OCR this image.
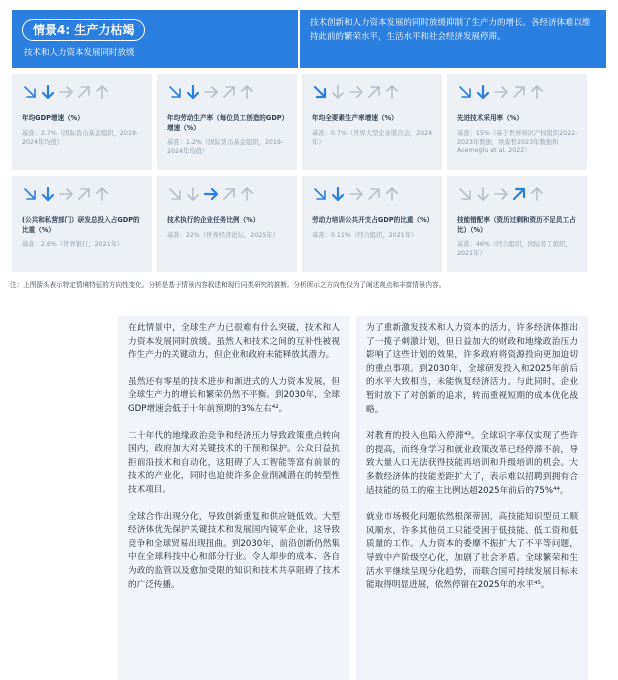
情景4: 生产力枯竭
技术和人力资本发展同时放缓
技术创新和人力资本发展的同时放缓抑制了生产力的增长。各经济体难以维持此前的繁荣水平，生活水平和社会经济发展停滞。
年均GDP增速（%）
基准：2.7%（国际货币基金组织，2019-2024年均值）
年均劳动生产率（每位员工创造的GDP）增速（%）
基准：1.2%（国际货币基金组织，2019-2024年均值）
年均全要素生产率增速（%）
基准：0.7%（世界大型企业联合会，2024年）
先进技术采用率（%）
基准：15%（基于世界知识产权组织2022-2023年数据，埃森哲2023年数据和Acemoglu et al. 2022）
(公共和私营部门）研发总投入占GDP的比重（%）
基准：2.6%（世界银行，2021年）
技术执行的企业任务比例（%）
基准：22%（世界经济论坛，2025年）
劳动力培训公共开支占GDP的比重（%）
基准：0.11%（经合组织，2021年）
技能错配率（资历过剩和资历不足员工占比）（%）
基准：46%（经合组织，国际劳工组织，2021年）
注：上图箭头表示特定情境特征的方向性变化。分析是基于情景内容叙述和现行同类研究的推断。分析所示之方向性仅为了阐述观点和丰富情景内容。

在此情景中，全球生产力已很难有什么突破，技术和人力资本发展同时放缓。虽然人和技术之间的互补性被视作生产力的关键动力，但企业和政府未能释放其潜力。

虽然还有零星的技术进步和渐进式的人力资本发展，但全球生产力的增长和繁荣仍然不平衡。到2030年，全球GDP增速会低于十年前预期的3%左右⁴²。

二十年代的地缘政治竞争和经济压力导致政策重点转向国内，政府加大对关键技术的干预和保护。公众日益抗拒前沿技术和自动化，这阻碍了人工智能等富有前景的技术的产业化，同时也迫使许多企业削减潜在的转型性技术项目。

全球合作出现分化，导致创新重复和供应链低效。大型经济体优先保护关键技术和发展国内镜军企业，这导致竞争和全球贸易出现扭曲。到2030年，前沿创新仍然集中在全球科技中心和部分行业。令人却步的成本、各自为政的监管以及愈加受限的知识和技术共享阻碍了技术的广泛传播。

为了重新激发技术和人力资本的活力，许多经济体推出了一揽子刺激计划，但日益加大的财政和地缘政治压力影响了这些计划的效果，许多政府将资源投向更加迫切的重点事项。到2030年，全球研发投入和2025年前后的水平大致相当，未能恢复经济活力。与此同时，企业暂时放下了对创新的追求，转而重视短期的成本优化战略。

对教育的投入也陷入停滞⁴³。全球识字率仅实现了些许的提高，而终身学习和就业政策改革已经停滞不前，导致大量人口无法获得技能再培训和升级培训的机会。大多数经济体的技能差距扩大了，表示难以招聘到拥有合适技能的员工的雇主比例达超2025年前后的75%⁴⁴。

就业市场极化问题依然根深蒂固，高技能知识型员工顺风顺水，许多其他员工只能受困于低技能、低工资和低质量的工作。人力资本的委靡不振扩大了不平等问题，导致中产阶级空心化，加剧了社会矛盾。全球繁荣和生活水平继续呈现分化趋势，而联合国可持续发展目标未能取得明显进展，依然停留在2025年的水平⁴⁵。
